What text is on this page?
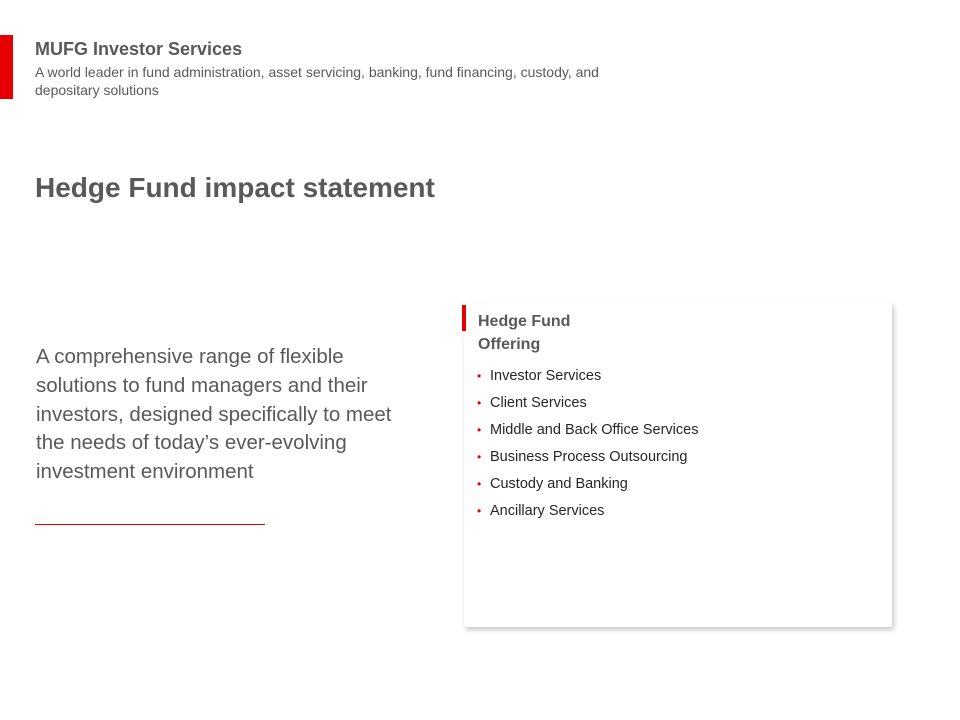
MUFG Investor Services
A world leader in fund administration, asset servicing, banking, fund financing, custody, and depositary solutions
Hedge Fund impact statement
A comprehensive range of flexible solutions to fund managers and their investors, designed specifically to meet the needs of today’s ever-evolving investment environment
Hedge Fund
Offering
• Investor Services
• Client Services
• Middle and Back Office Services
• Business Process Outsourcing
• Custody and Banking
• Ancillary Services
